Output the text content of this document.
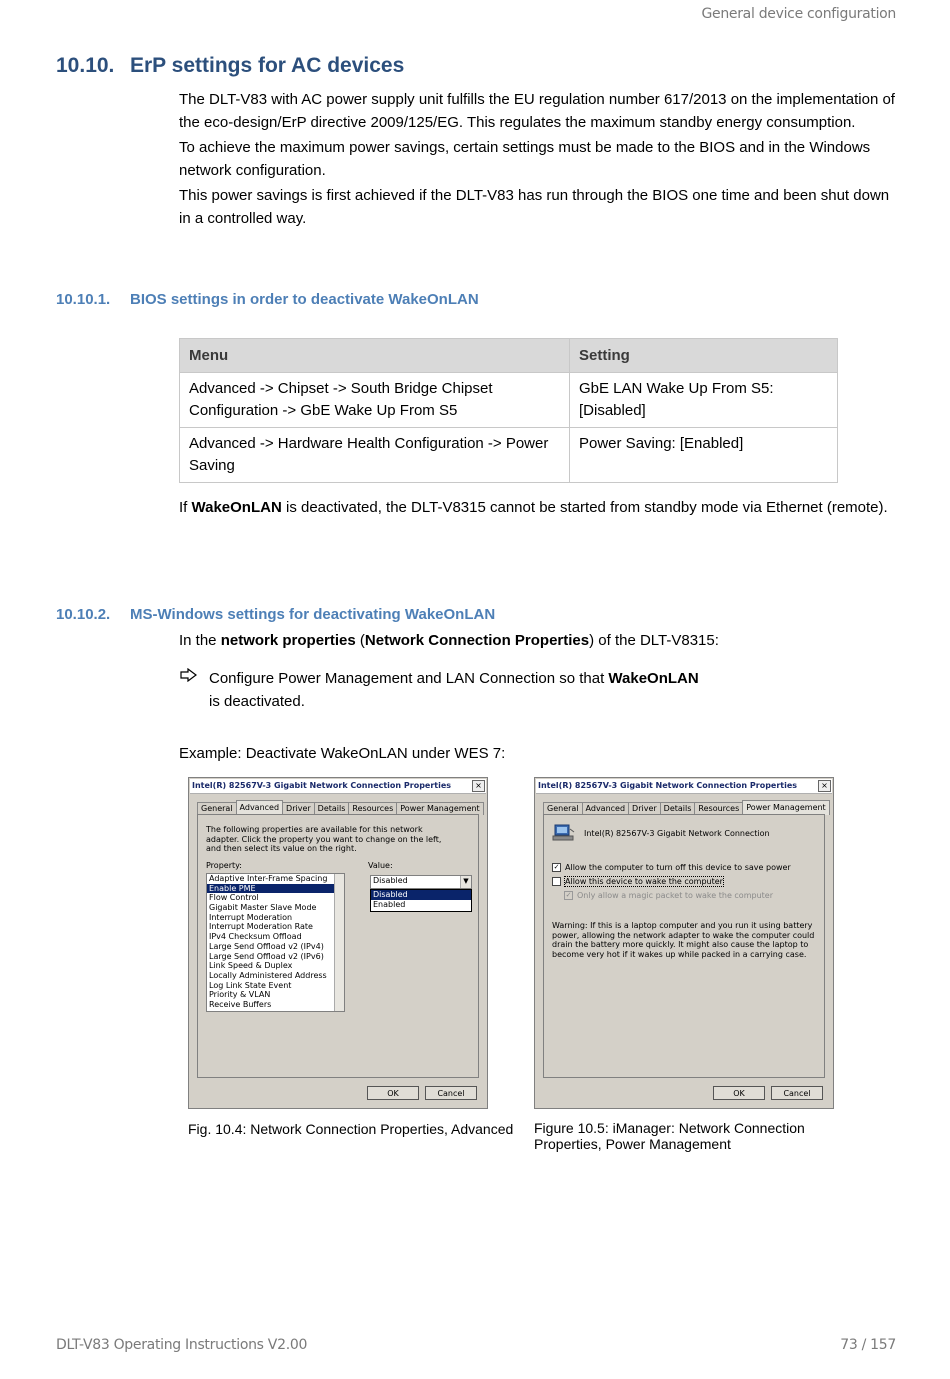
General device configuration
10.10. ErP settings for AC devices

The DLT-V83 with AC power supply unit fulfills the EU regulation number 617/2013 on the implementation of the eco-design/ErP directive 2009/125/EG. This regulates the maximum standby energy consumption.

To achieve the maximum power savings, certain settings must be made to the BIOS and in the Windows network configuration.

This power savings is first achieved if the DLT-V83 has run through the BIOS one time and been shut down in a controlled way.

10.10.1. BIOS settings in order to deactivate WakeOnLAN
Menu	Setting
Advanced -> Chipset -> South Bridge Chipset Configuration -> GbE Wake Up From S5	GbE LAN Wake Up From S5: [Disabled]
Advanced -> Hardware Health Configuration -> Power Saving	Power Saving: [Enabled]
If WakeOnLAN is deactivated, the DLT-V8315 cannot be started from standby mode via Ethernet (remote).
10.10.2. MS-Windows settings for deactivating WakeOnLAN
In the network properties (Network Connection Properties) of the DLT-V8315:
Configure Power Management and LAN Connection so that WakeOnLAN
is deactivated.
Example: Deactivate WakeOnLAN under WES 7:
Intel(R) 82567V-3 Gigabit Network Connection Properties	×
General Advanced Driver Details Resources Power Management
The following properties are available for this network adapter. Click the property you want to change on the left, and then select its value on the right.
Property:	Value:
Adaptive Inter-Frame Spacing
Enable PME
Flow Control
Gigabit Master Slave Mode
Interrupt Moderation
Interrupt Moderation Rate
IPv4 Checksum Offload
Large Send Offload v2 (IPv4)
Large Send Offload v2 (IPv6)
Link Speed & Duplex
Locally Administered Address
Log Link State Event
Priority & VLAN
Receive Buffers
Disabled	▼
Disabled
Enabled
OK	Cancel
Intel(R) 82567V-3 Gigabit Network Connection Properties	×
General Advanced Driver Details Resources Power Management
Intel(R) 82567V-3 Gigabit Network Connection
✓ Allow the computer to turn off this device to save power
Allow this device to wake the computer
✓ Only allow a magic packet to wake the computer
Warning: If this is a laptop computer and you run it using battery power, allowing the network adapter to wake the computer could drain the battery more quickly. It might also cause the laptop to become very hot if it wakes up while packed in a carrying case.
OK	Cancel
Fig. 10.4: Network Connection Properties, Advanced	Figure 10.5: iManager: Network Connection Properties, Power Management
DLT-V83 Operating Instructions V2.00	73 / 157
